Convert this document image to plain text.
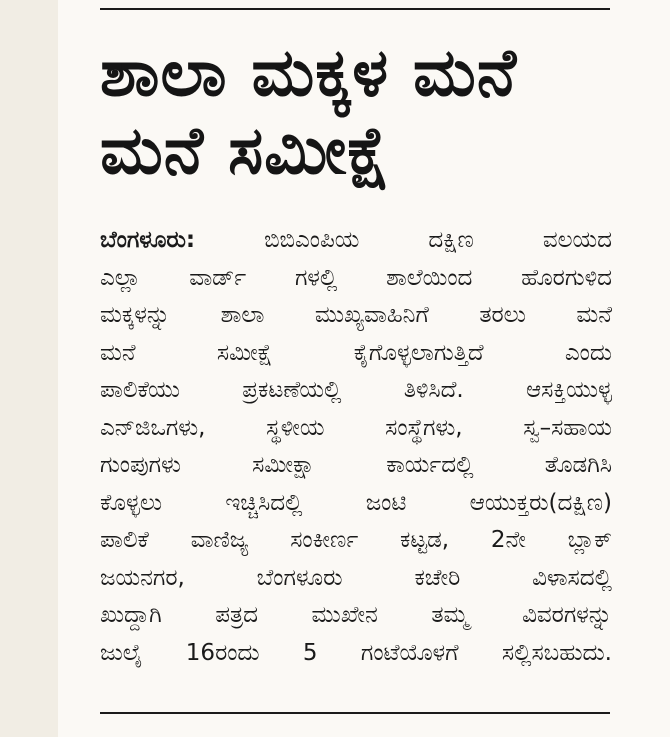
ಶಾಲಾ ಮಕ್ಕಳ ಮನೆ
ಮನೆ ಸಮೀಕ್ಷೆ
ಬೆಂಗಳೂರು: ಬಿಬಿಎಂಪಿಯ ದಕ್ಷಿಣ ವಲಯದ
ಎಲ್ಲಾ ವಾರ್ಡ್ ಗಳಲ್ಲಿ ಶಾಲೆಯಿಂದ ಹೊರಗುಳಿದ
ಮಕ್ಕಳನ್ನು ಶಾಲಾ ಮುಖ್ಯವಾಹಿನಿಗೆ ತರಲು ಮನೆ
ಮನೆ ಸಮೀಕ್ಷೆ ಕೈಗೊಳ್ಳಲಾಗುತ್ತಿದೆ ಎಂದು
ಪಾಲಿಕೆಯು ಪ್ರಕಟಣೆಯಲ್ಲಿ ತಿಳಿಸಿದೆ. ಆಸಕ್ತಿಯುಳ್ಳ
ಎನ್‌ಜಿಒಗಳು, ಸ್ಥಳೀಯ ಸಂಸ್ಥೆಗಳು, ಸ್ವ–ಸಹಾಯ
ಗುಂಪುಗಳು ಸಮೀಕ್ಷಾ ಕಾರ್ಯದಲ್ಲಿ ತೊಡಗಿಸಿ
ಕೊಳ್ಳಲು ಇಚ್ಚಿಸಿದಲ್ಲಿ ಜಂಟಿ ಆಯುಕ್ತರು(ದಕ್ಷಿಣ)
ಪಾಲಿಕೆ ವಾಣಿಜ್ಯ ಸಂಕೀರ್ಣ ಕಟ್ಟಡ, 2ನೇ ಬ್ಲಾಕ್
ಜಯನಗರ, ಬೆಂಗಳೂರು ಕಚೇರಿ ವಿಳಾಸದಲ್ಲಿ
ಖುದ್ದಾಗಿ ಪತ್ರದ ಮುಖೇನ ತಮ್ಮ ವಿವರಗಳನ್ನು
ಜುಲೈ 16ರಂದು 5 ಗಂಟೆಯೊಳಗೆ ಸಲ್ಲಿಸಬಹುದು.
